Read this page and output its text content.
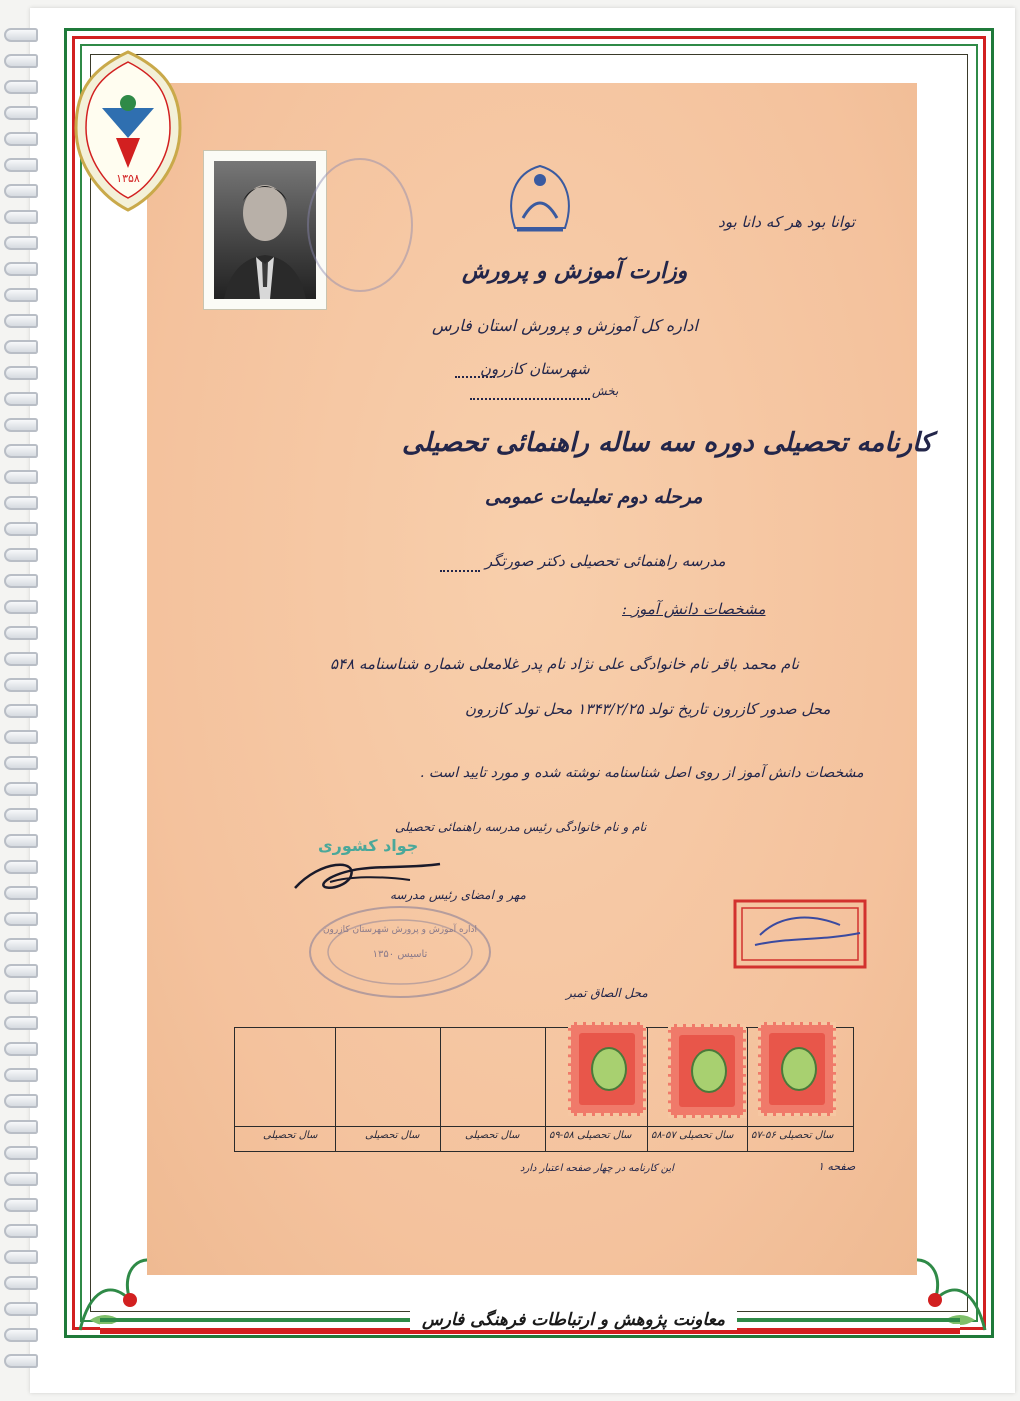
۱۳۵۸
توانا بود هر که دانا بود
وزارت آموزش و پرورش
اداره کل آموزش و پرورش استان فارس
شهرستان کازرون
بخش
کارنامه تحصیلی دوره سه ساله راهنمائی تحصیلی
مرحله دوم تعلیمات عمومی
مدرسه راهنمائی تحصیلی دکتر صورتگر
مشخصات دانش آموز :
نام محمد باقر نام خانوادگی علی نژاد نام پدر غلامعلی شماره شناسنامه ۵۴۸
محل صدور کازرون تاریخ تولد ۱۳۴۳/۲/۲۵ محل تولد کازرون
مشخصات دانش آموز از روی اصل شناسنامه نوشته شده و مورد تایید است .
نام و نام خانوادگی رئیس مدرسه راهنمائی تحصیلی
جواد کشوری
مهر و امضای رئیس مدرسه
اداره آموزش و پرورش شهرستان کازرون
تاسیس ۱۳۵۰
محل الصاق تمبر
سال تحصیلی ۵۶-۵۷
سال تحصیلی ۵۷-۵۸
سال تحصیلی ۵۸-۵۹
سال تحصیلی
سال تحصیلی
سال تحصیلی
صفحه ۱
این کارنامه در چهار صفحه اعتبار دارد
معاونت پژوهش و ارتباطات فرهنگی فارس
